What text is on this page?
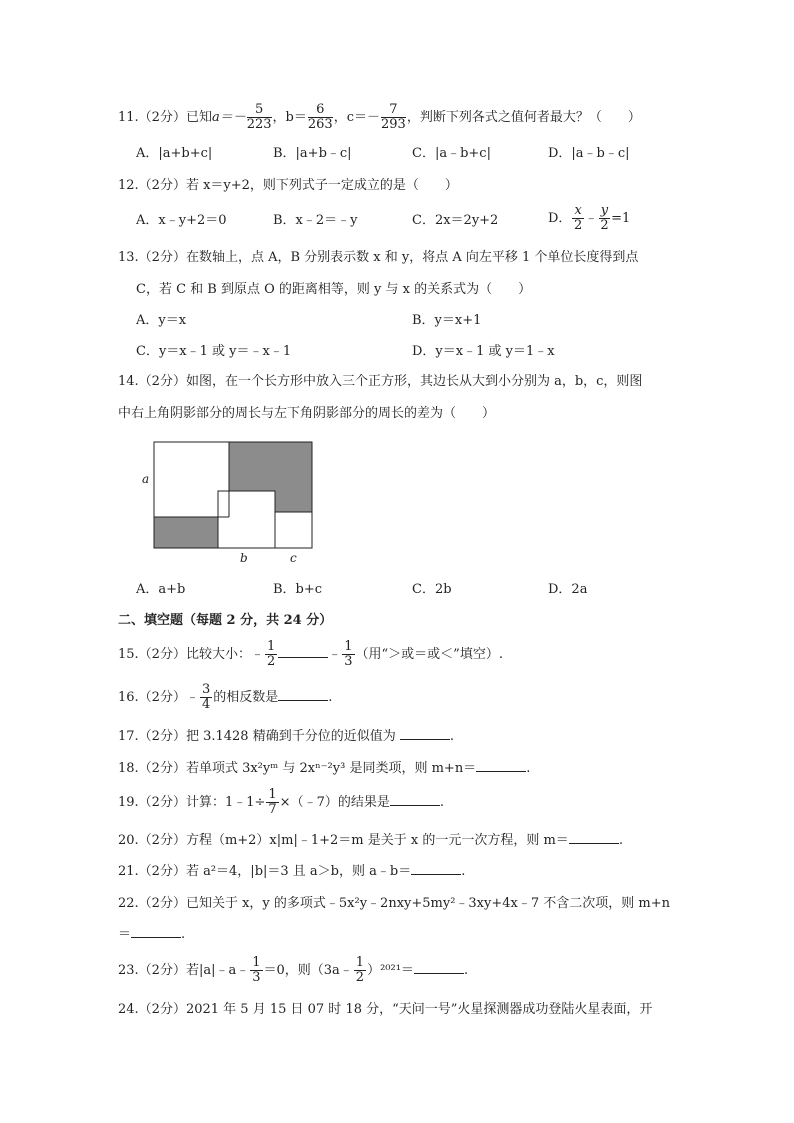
11.（2分）已知$a=- \frac{5}{223}$ ，$b= \frac{6}{263}$ ，$c=- \frac{7}{293}$ ，判断下列各式之值何者最大？（　　）
A．|a+b+c|	B．|a+b﹣c|	C．|a﹣b+c|	D．|a﹣b﹣c|
12.（2分）若 x＝y+2，则下列式子一定成立的是（　　）
A．x﹣y+2＝0	B．x﹣2＝﹣y	C．2x＝2y+2	D． $\frac{x}{2}$ ﹣ $\frac{y}{2} =1$
13.（2分）在数轴上，点 A，B 分别表示数 x 和 y，将点 A 向左平移 1 个单位长度得到点
C，若 C 和 B 到原点 O 的距离相等，则 y 与 x 的关系式为（　　）
A．y＝x	B．y＝x+1
C．y＝x﹣1 或 y＝﹣x﹣1	D．y＝x﹣1 或 y＝1﹣x
14.（2分）如图，在一个长方形中放入三个正方形，其边长从大到小分别为 a，b，c，则图
中右上角阴影部分的周长与左下角阴影部分的周长的差为（　　）
a
b	c
A．a+b	B．b+c	C．2b	D．2a
二、填空题（每题 2 分，共 24 分）
15.（2分）比较大小：﹣ $\frac{1}{2}$	﹣ $\frac{1}{3}$ （用“＞或＝或＜”填空）.
16.（2分）﹣ $\frac{3}{4}$ 的相反数是	.
17.（2分）把 3.1428 精确到千分位的近似值为	.
18.（2分）若单项式 3x²yᵐ 与 2xⁿ⁻²y³ 是同类项，则 m+n＝	.
19.（2分）计算：1﹣1÷ $\frac{1}{7}$ ×（﹣7）的结果是	.
20.（2分）方程（m+2）x|m|﹣1+2＝m 是关于 x 的一元一次方程，则 m＝	.
21.（2分）若 a²＝4，|b|＝3 且 a＞b，则 a﹣b＝	.
22.（2分）已知关于 x，y 的多项式﹣5x²y﹣2nxy+5my²﹣3xy+4x﹣7 不含二次项，则 m+n
＝	.
23.（2分）若|a|﹣a﹣ $\frac{1}{3} =0$，则（3a﹣ $\frac{1}{2} )^{2021}=$	.
24.（2分）2021 年 5 月 15 日 07 时 18 分，“天问一号”火星探测器成功登陆火星表面，开
